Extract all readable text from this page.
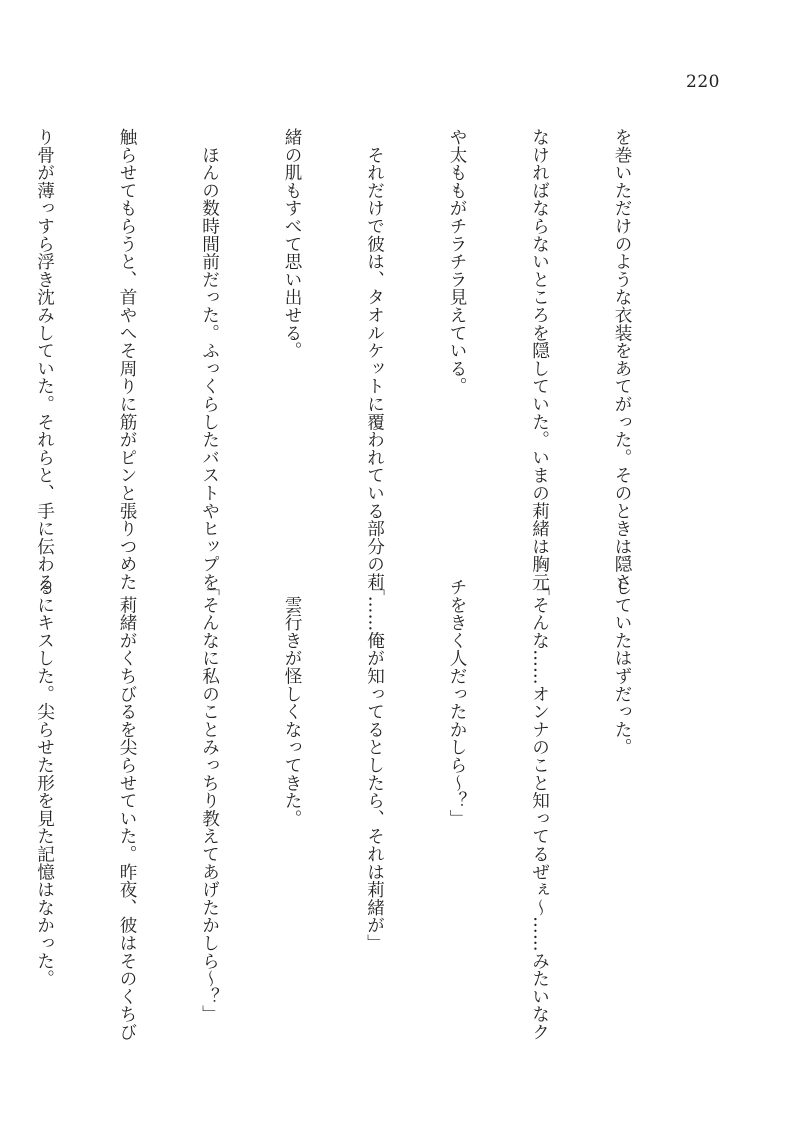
220

を巻いただけのような衣装をあてがった。そのときは隠さ

なければならないところを隠していた。いまの莉緒は胸元

や太ももがチラチラ見えている。

　それだけで彼は、タオルケットに覆われている部分の莉

緒の肌もすべて思い出せる。

　ほんの数時間前だった。ふっくらしたバストやヒップを

触らせてもらうと、首やへそ周りに筋がピンと張りつめた

り骨が薄っすら浮き沈みしていた。それらと、手に伝わる

していたはずだった。

「そんな……オンナのこと知ってるぜぇ～……みたいなク

チをきく人だったかしら～？」

「……俺が知ってるとしたら、それは莉緒が」

　雲行きが怪しくなってきた。

「そんなに私のことみっちり教えてあげたかしら～？」

　莉緒がくちびるを尖らせていた。昨夜、彼はそのくちび

るにキスした。尖らせた形を見た記憶はなかった。
